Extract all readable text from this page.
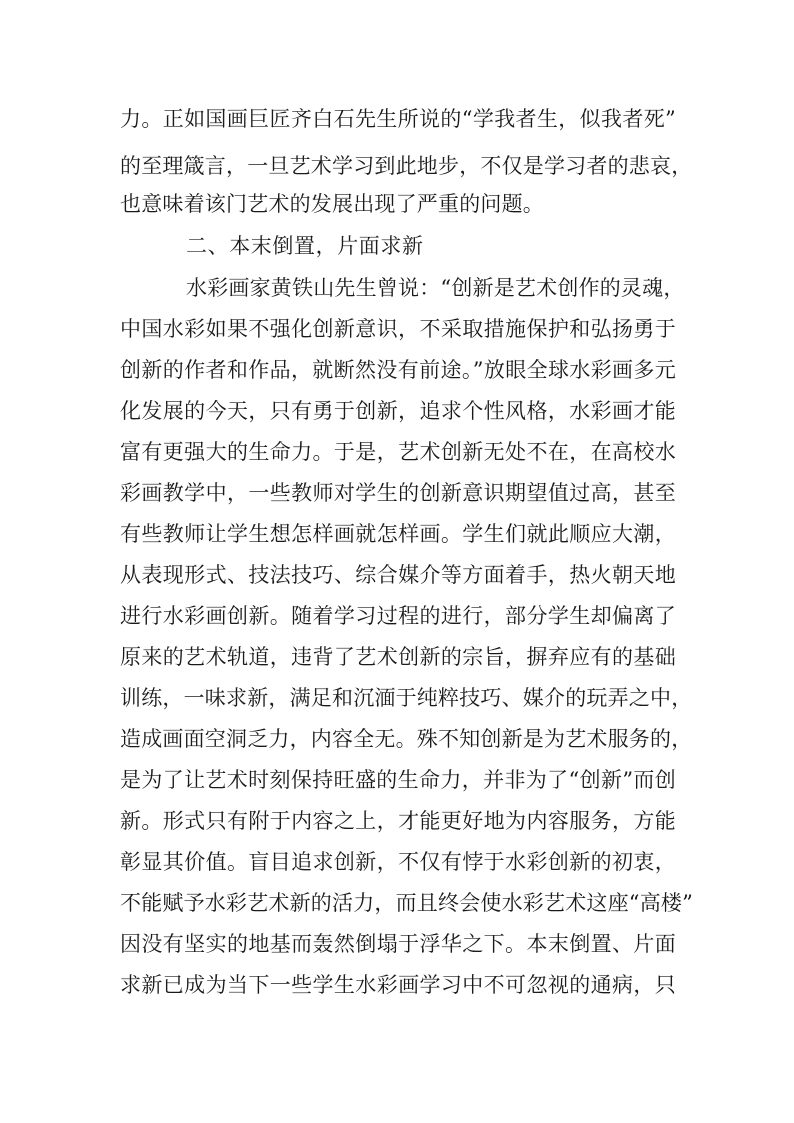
力。正如国画巨匠齐白石先生所说的“学我者生，似我者死”
的至理箴言，一旦艺术学习到此地步，不仅是学习者的悲哀，
也意味着该门艺术的发展出现了严重的问题。
二、本末倒置，片面求新
水彩画家黄铁山先生曾说：“创新是艺术创作的灵魂，
中国水彩如果不强化创新意识，不采取措施保护和弘扬勇于
创新的作者和作品，就断然没有前途。”放眼全球水彩画多元
化发展的今天，只有勇于创新，追求个性风格，水彩画才能
富有更强大的生命力。于是，艺术创新无处不在，在高校水
彩画教学中，一些教师对学生的创新意识期望值过高，甚至
有些教师让学生想怎样画就怎样画。学生们就此顺应大潮，
从表现形式、技法技巧、综合媒介等方面着手，热火朝天地
进行水彩画创新。随着学习过程的进行，部分学生却偏离了
原来的艺术轨道，违背了艺术创新的宗旨，摒弃应有的基础
训练，一味求新，满足和沉湎于纯粹技巧、媒介的玩弄之中，
造成画面空洞乏力，内容全无。殊不知创新是为艺术服务的，
是为了让艺术时刻保持旺盛的生命力，并非为了“创新”而创
新。形式只有附于内容之上，才能更好地为内容服务，方能
彰显其价值。盲目追求创新，不仅有悖于水彩创新的初衷，
不能赋予水彩艺术新的活力，而且终会使水彩艺术这座“高楼”
因没有坚实的地基而轰然倒塌于浮华之下。本末倒置、片面
求新已成为当下一些学生水彩画学习中不可忽视的通病，只
